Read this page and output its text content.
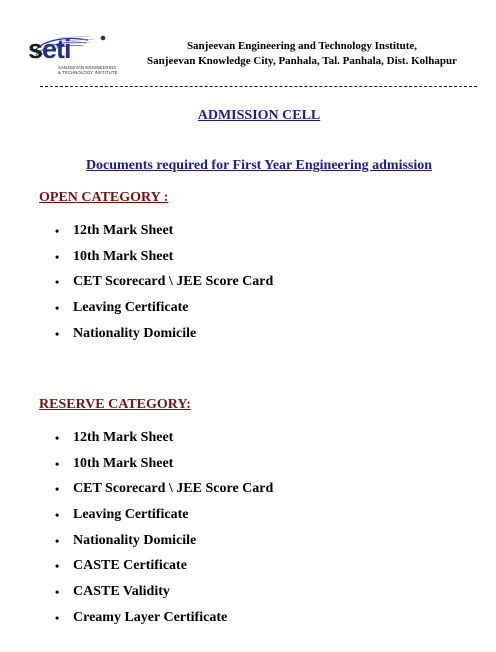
seti
SANJEEVAN ENGINEERING
& TECHNOLOGY INSTITUTE
Sanjeevan Engineering and Technology Institute,
Sanjeevan Knowledge City, Panhala, Tal. Panhala, Dist. Kolhapur
ADMISSION CELL
Documents required for First Year Engineering admission
OPEN CATEGORY :
• 12th Mark Sheet
• 10th Mark Sheet
• CET Scorecard \ JEE Score Card
• Leaving Certificate
• Nationality Domicile
RESERVE CATEGORY:
• 12th Mark Sheet
• 10th Mark Sheet
• CET Scorecard \ JEE Score Card
• Leaving Certificate
• Nationality Domicile
• CASTE Certificate
• CASTE Validity
• Creamy Layer Certificate
